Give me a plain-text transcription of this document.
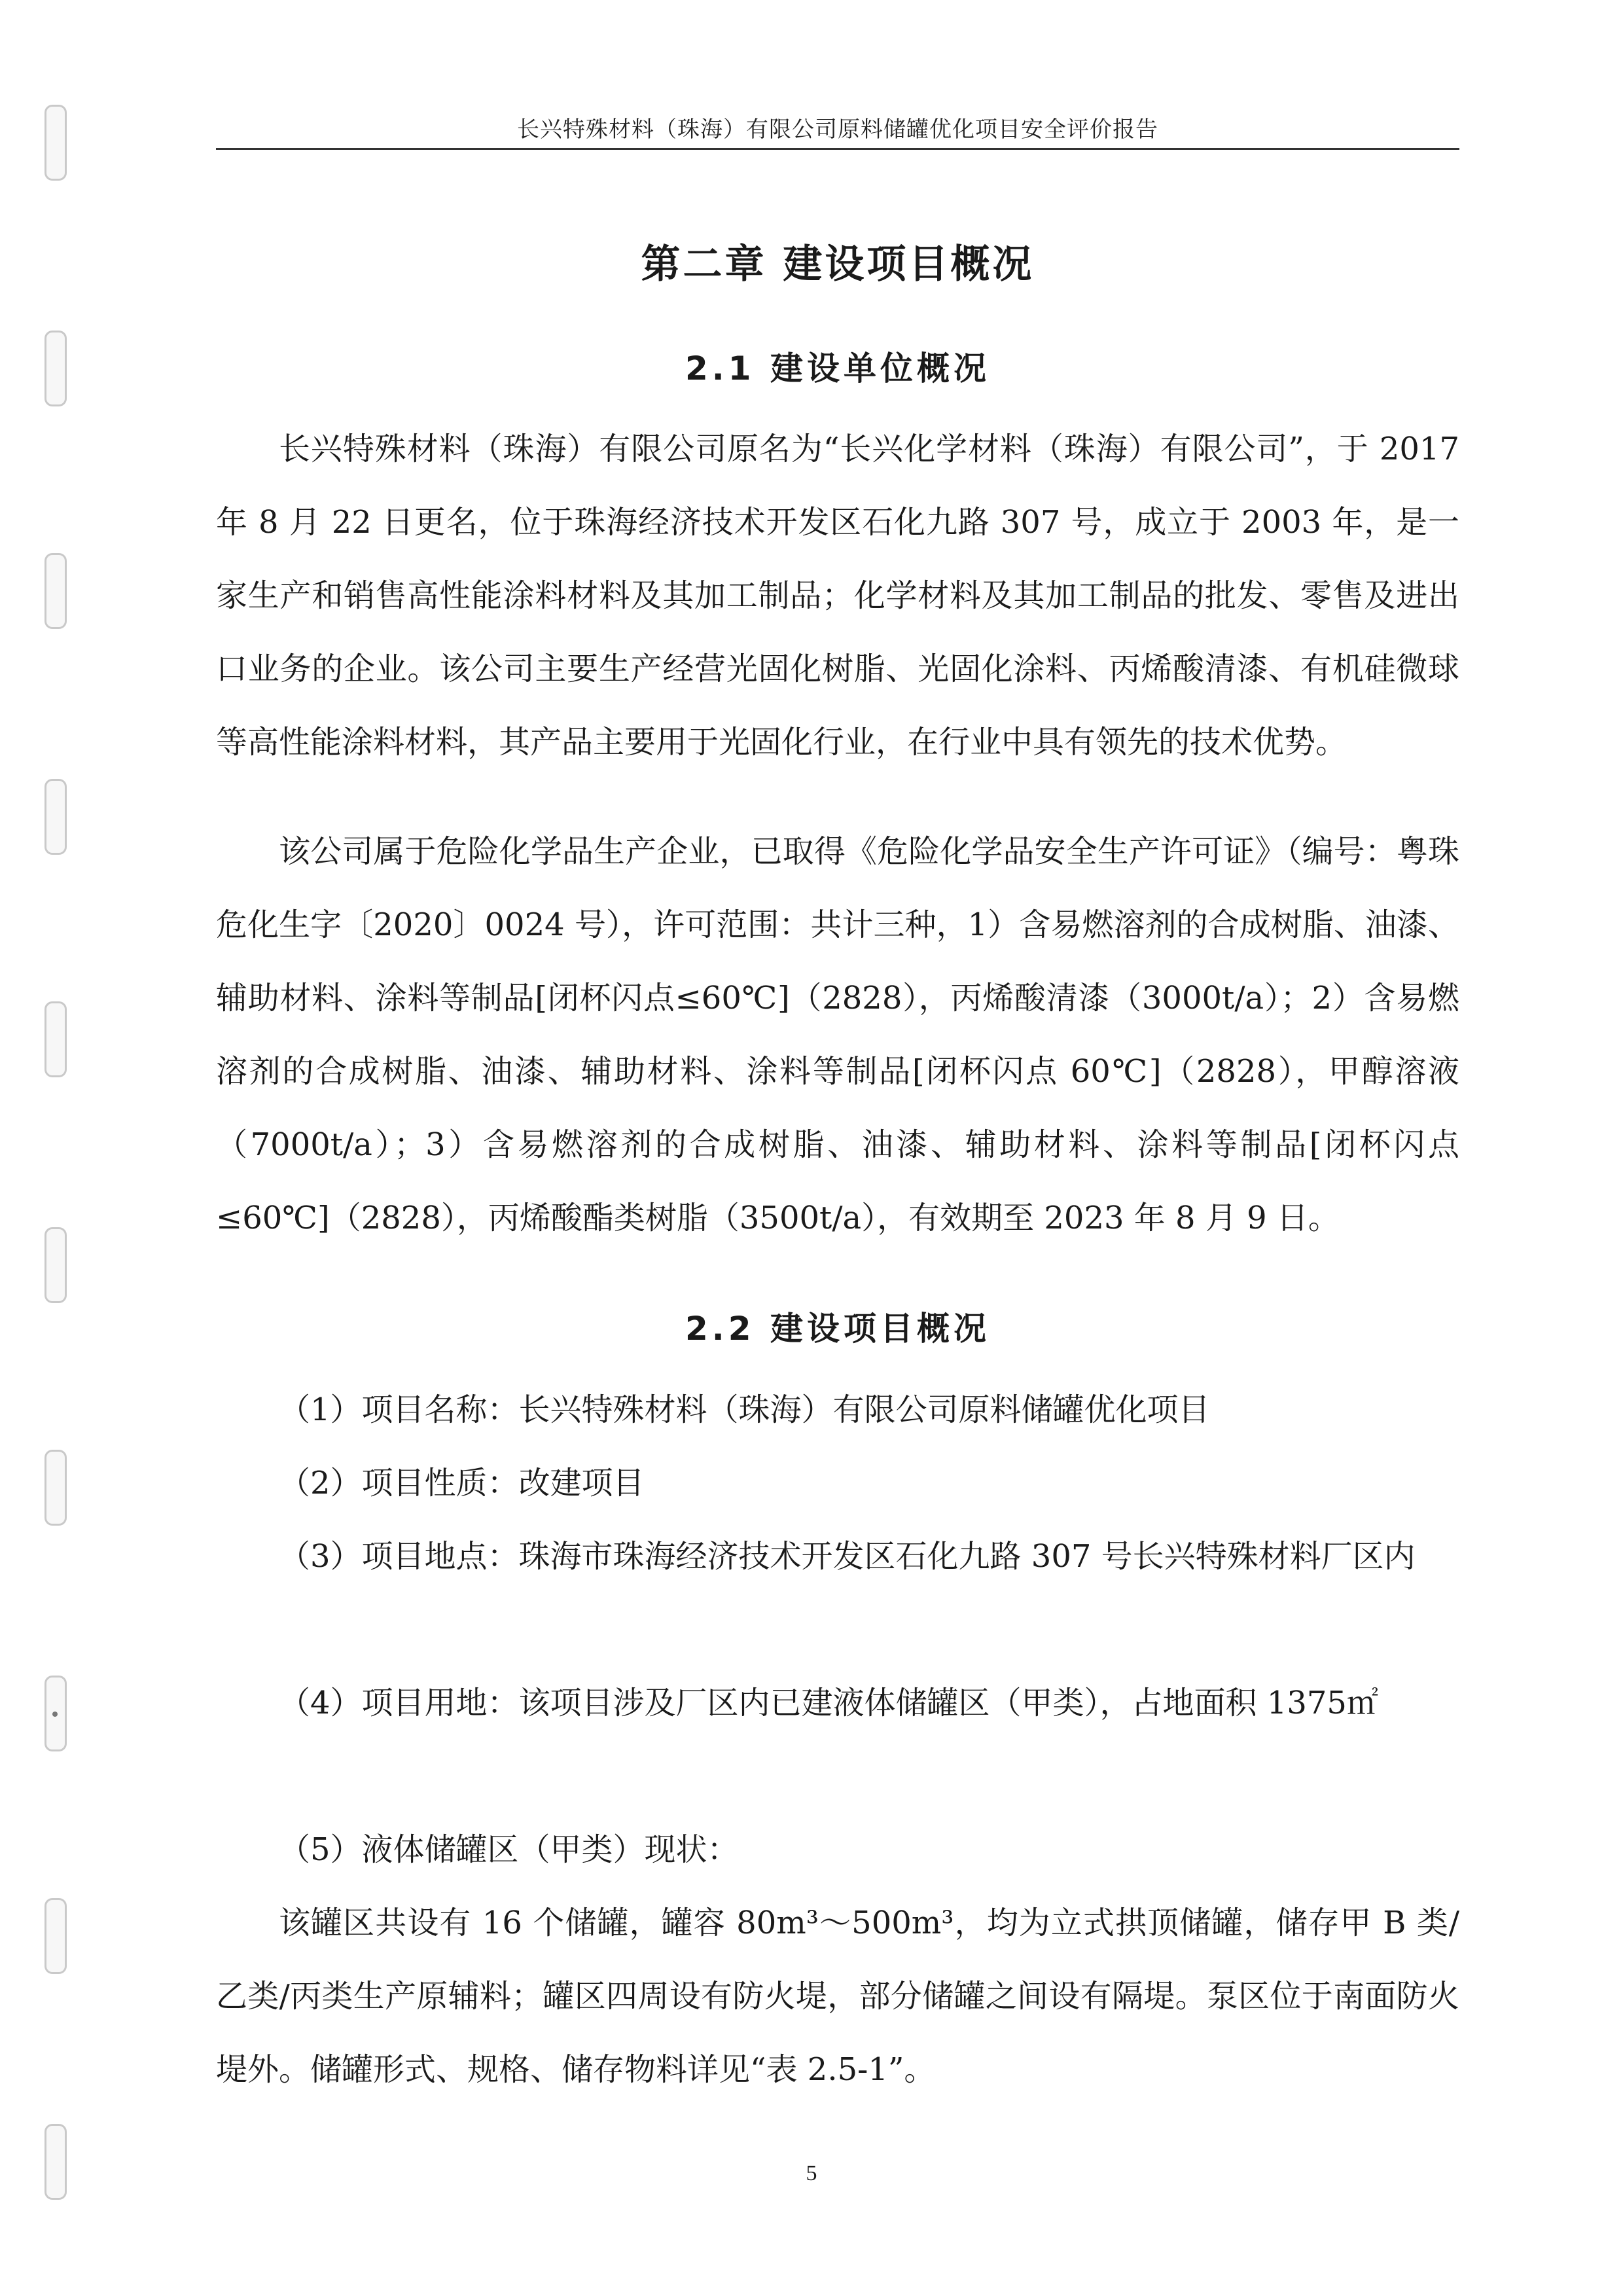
长兴特殊材料（珠海）有限公司原料储罐优化项目安全评价报告
第二章 建设项目概况
2.1 建设单位概况

长兴特殊材料（珠海）有限公司原名为“长兴化学材料（珠海）有限公司”，于 2017 年 8 月 22 日更名，位于珠海经济技术开发区石化九路 307 号，成立于 2003 年，是一家生产和销售高性能涂料材料及其加工制品；化学材料及其加工制品的批发、零售及进出口业务的企业。该公司主要生产经营光固化树脂、光固化涂料、丙烯酸清漆、有机硅微球等高性能涂料材料，其产品主要用于光固化行业，在行业中具有领先的技术优势。

该公司属于危险化学品生产企业，已取得《危险化学品安全生产许可证》（编号：粤珠危化生字〔2020〕0024 号），许可范围：共计三种，1）含易燃溶剂的合成树脂、油漆、辅助材料、涂料等制品[闭杯闪点≤60℃]（2828），丙烯酸清漆（3000t/a）；2）含易燃溶剂的合成树脂、油漆、辅助材料、涂料等制品[闭杯闪点 60℃]（2828），甲醇溶液（7000t/a）；3）含易燃溶剂的合成树脂、油漆、辅助材料、涂料等制品[闭杯闪点≤60℃]（2828），丙烯酸酯类树脂（3500t/a），有效期至 2023 年 8 月 9 日。

2.2 建设项目概况

（1）项目名称：长兴特殊材料（珠海）有限公司原料储罐优化项目

（2）项目性质：改建项目

（3）项目地点：珠海市珠海经济技术开发区石化九路 307 号长兴特殊材料厂区内

（4）项目用地：该项目涉及厂区内已建液体储罐区（甲类），占地面积 1375㎡

（5）液体储罐区（甲类）现状：

该罐区共设有 16 个储罐，罐容 80m³～500m³，均为立式拱顶储罐，储存甲 B 类/乙类/丙类生产原辅料；罐区四周设有防火堤，部分储罐之间设有隔堤。泵区位于南面防火堤外。储罐形式、规格、储存物料详见“表 2.5-1”。

5
